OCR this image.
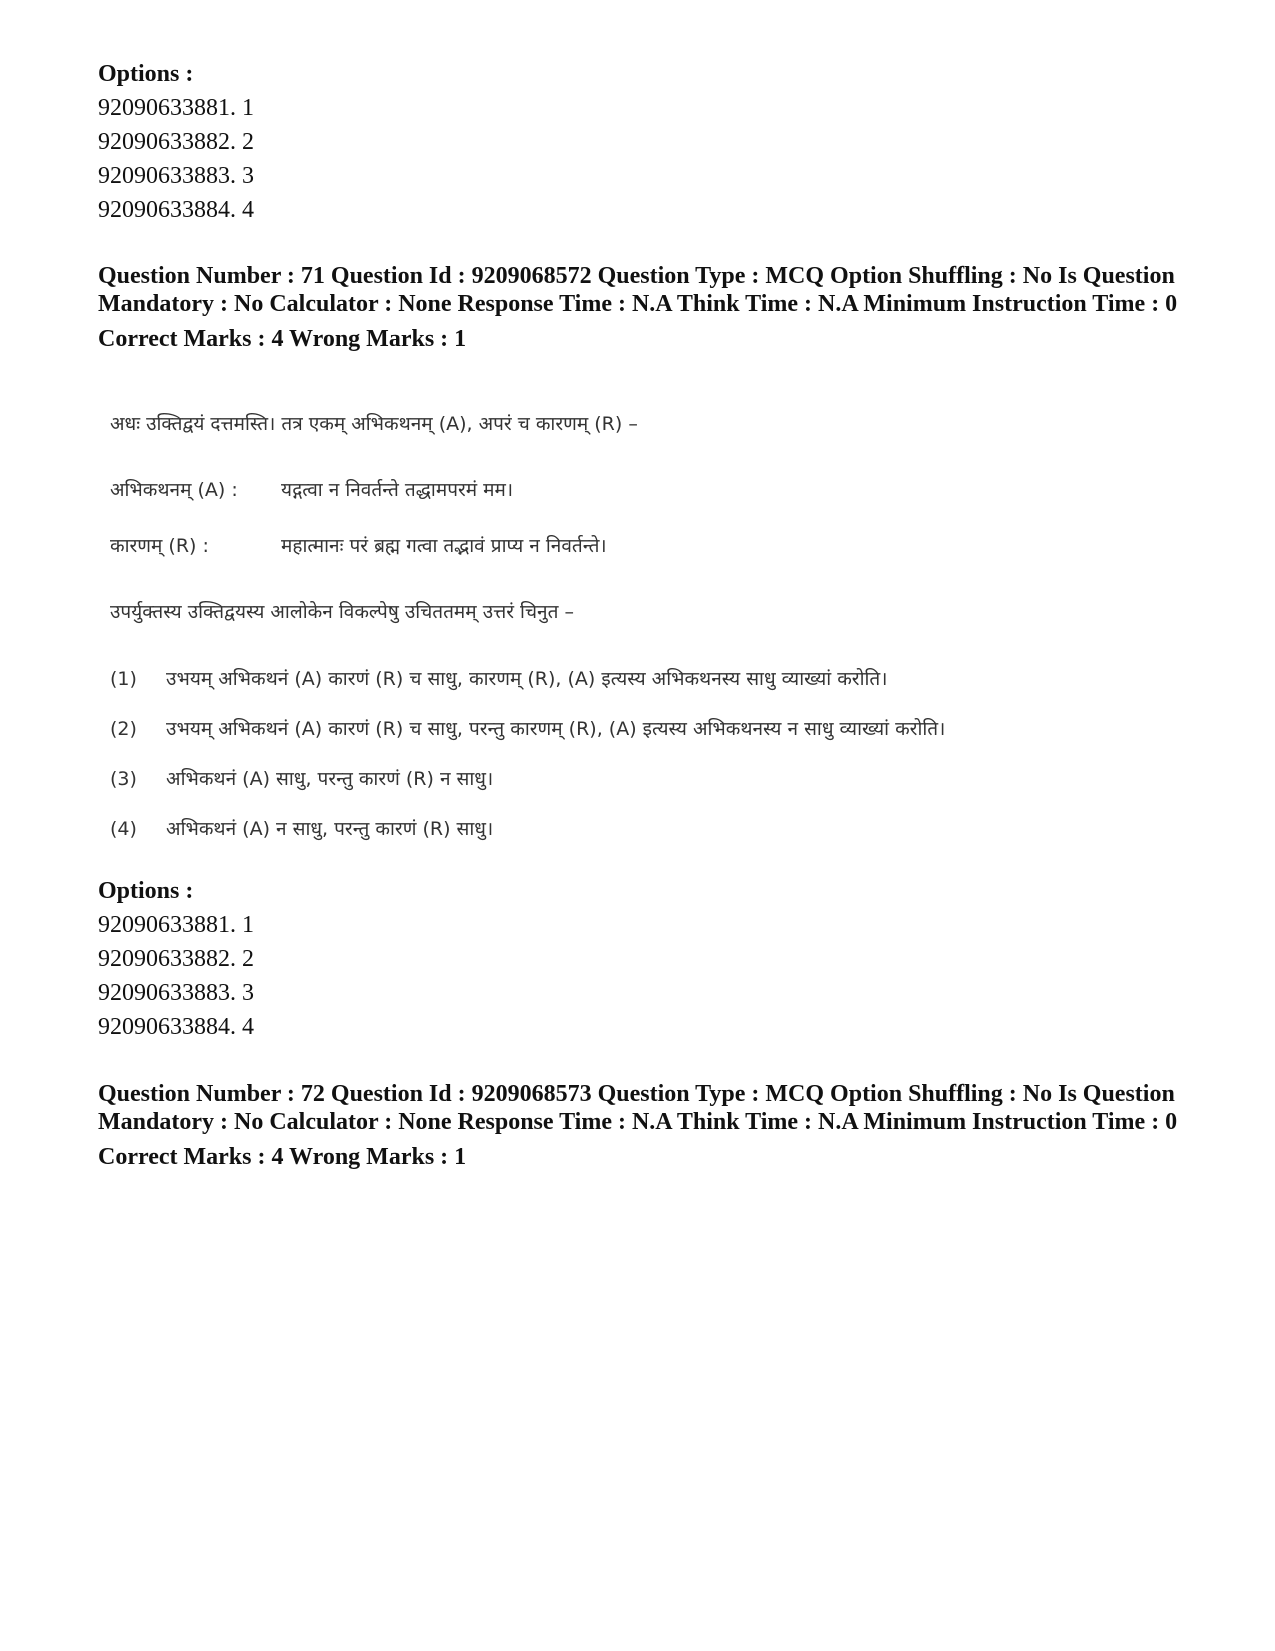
Options :
92090633881. 1
92090633882. 2
92090633883. 3
92090633884. 4
Question Number : 71 Question Id : 9209068572 Question Type : MCQ Option Shuffling : No Is Question Mandatory : No Calculator : None Response Time : N.A Think Time : N.A Minimum Instruction Time : 0
Correct Marks : 4 Wrong Marks : 1
अधः उक्तिद्वयं दत्तमस्ति। तत्र एकम् अभिकथनम् (A), अपरं च कारणम् (R) –
अभिकथनम् (A) : यद्गत्वा न निवर्तन्ते तद्धामपरमं मम।
कारणम् (R) :	महात्मानः परं ब्रह्म गत्वा तद्भावं प्राप्य न निवर्तन्ते।
उपर्युक्तस्य उक्तिद्वयस्य आलोकेन विकल्पेषु उचिततमम् उत्तरं चिनुत –
(1) उभयम् अभिकथनं (A) कारणं (R) च साधु, कारणम् (R), (A) इत्यस्य अभिकथनस्य साधु व्याख्यां करोति।
(2) उभयम् अभिकथनं (A) कारणं (R) च साधु, परन्तु कारणम् (R), (A) इत्यस्य अभिकथनस्य न साधु व्याख्यां करोति।
(3) अभिकथनं (A) साधु, परन्तु कारणं (R) न साधु।
(4) अभिकथनं (A) न साधु, परन्तु कारणं (R) साधु।
Options :
92090633881. 1
92090633882. 2
92090633883. 3
92090633884. 4
Question Number : 72 Question Id : 9209068573 Question Type : MCQ Option Shuffling : No Is Question Mandatory : No Calculator : None Response Time : N.A Think Time : N.A Minimum Instruction Time : 0
Correct Marks : 4 Wrong Marks : 1
